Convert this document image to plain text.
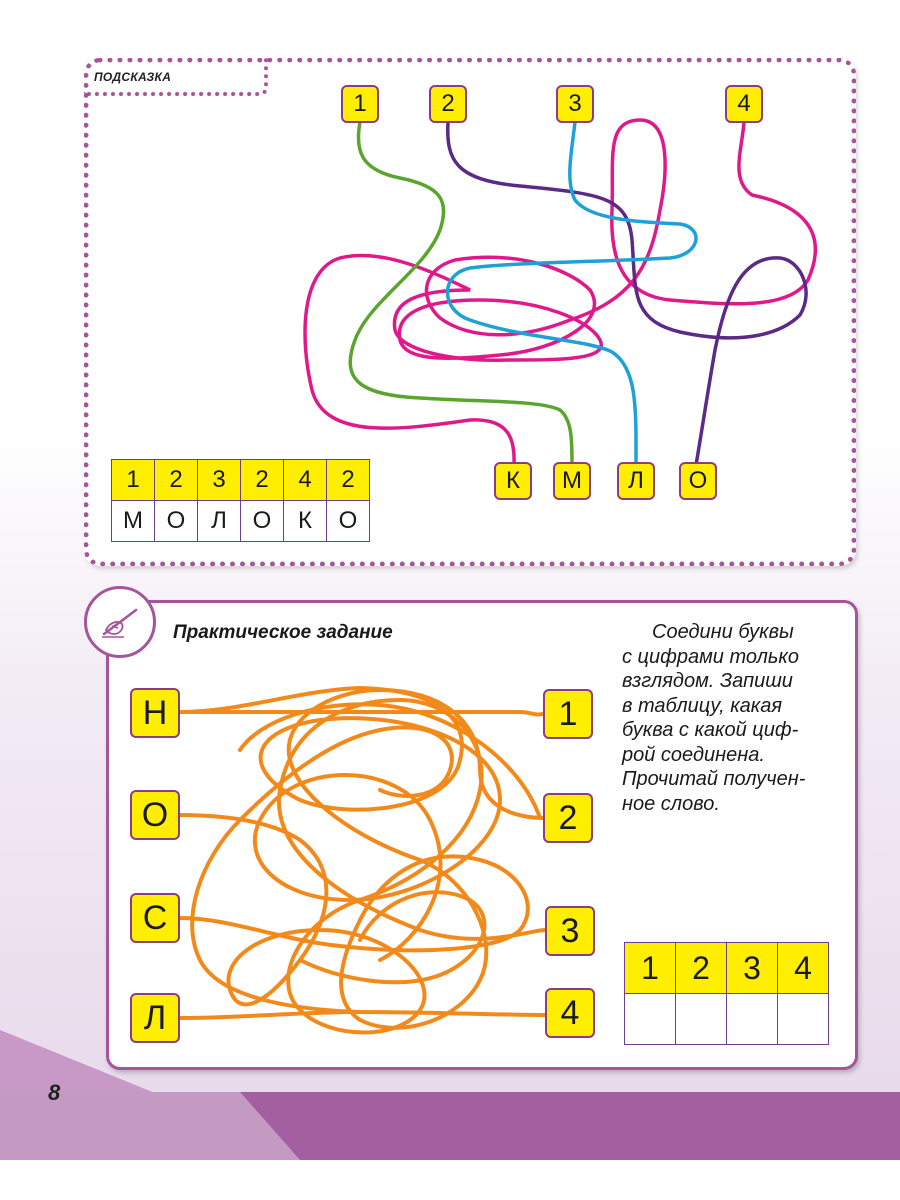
ПОДСКАЗКА
1	2	3	4
К	М	Л	О
1	2	3	2	4	2
М	О	Л	О	К	О
Практическое задание	Соедини буквы
с цифрами только
взглядом. Запиши
в таблицу, какая
буква с какой циф-
рой соединена.
Прочитай получен-
ное слово.
Н
О
С
Л
1
2
3
4
1	2	3	4

8
